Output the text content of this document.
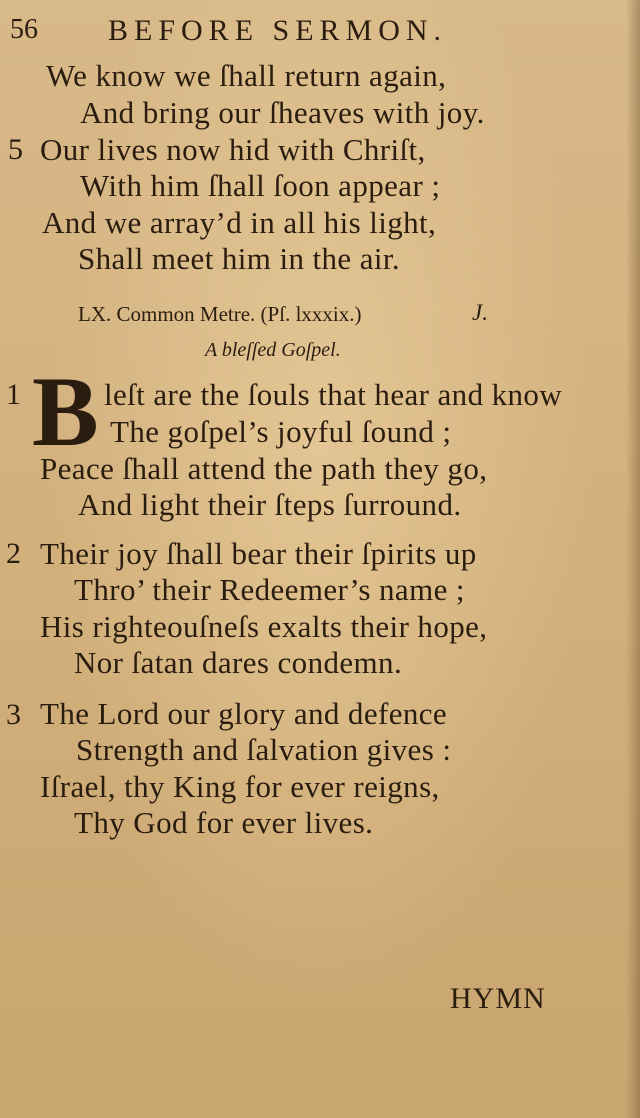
56 BEFORE SERMON.
We know we ſhall return again,
And bring our ſheaves with joy.
5 Our lives now hid with Chriſt,
With him ſhall ſoon appear ;
And we array’d in all his light,
Shall meet him in the air.
LX. Common Metre. (Pſ. lxxxix.)	J.
A bleſſed Goſpel.
1 B leſt are the ſouls that hear and know
The goſpel’s joyful ſound ;
Peace ſhall attend the path they go,
And light their ſteps ſurround.
2 Their joy ſhall bear their ſpirits up
Thro’ their Redeemer’s name ;
His righteouſneſs exalts their hope,
Nor ſatan dares condemn.
3 The Lord our glory and defence
Strength and ſalvation gives :
Iſrael, thy King for ever reigns,
Thy God for ever lives.
HYMN
